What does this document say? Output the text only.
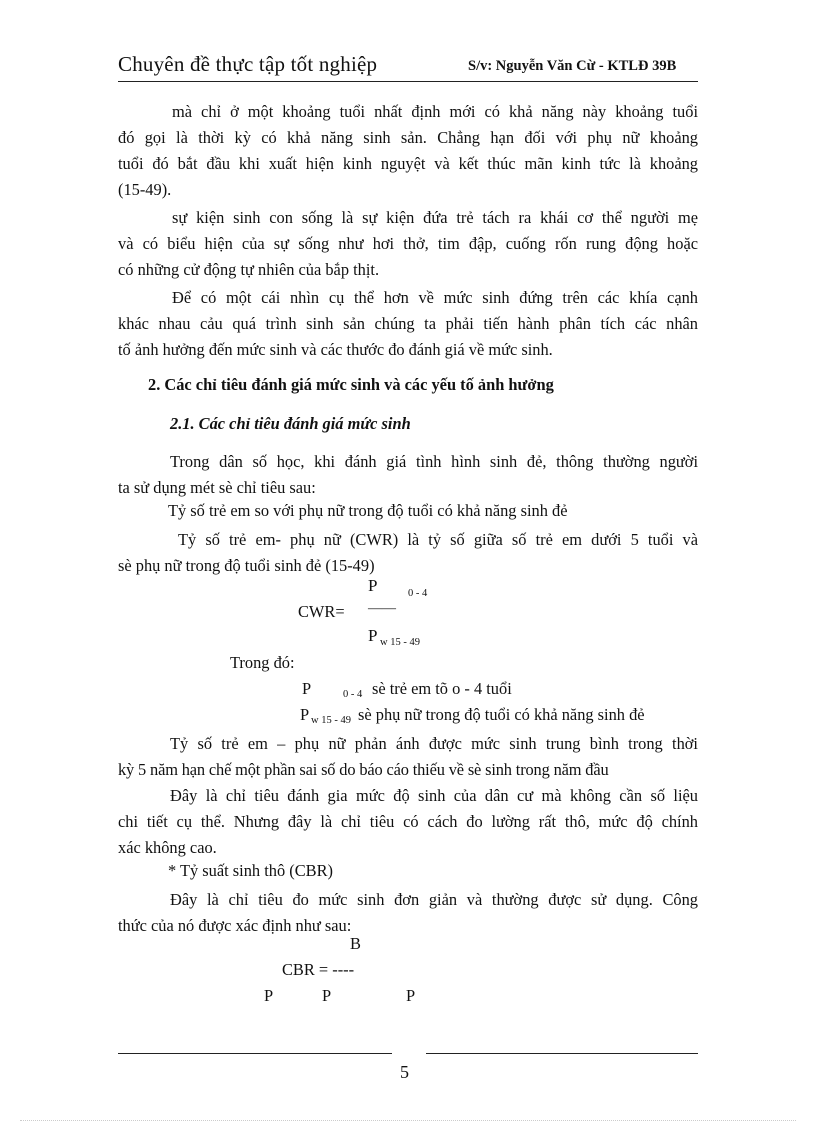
Chuyên đề thực tập tốt nghiệp	S/v: Nguyễn Văn Cừ - KTLĐ 39B
mà chỉ ở một khoảng tuổi nhất định mới có khả năng này khoảng tuổi
đó gọi là thời kỳ có khả năng sinh sản. Chẳng hạn đối với phụ nữ khoảng
tuổi đó bắt đầu khi xuất hiện kinh nguyệt và kết thúc mãn kinh tức là khoảng
(15-49).
sự kiện sinh con sống là sự kiện đứa trẻ tách ra khái cơ thể người mẹ
và có biểu hiện của sự sống như hơi thở, tim đập, cuống rốn rung động hoặc
có những cử động tự nhiên của bắp thịt.
Để có một cái nhìn cụ thể hơn về mức sinh đứng trên các khía cạnh
khác nhau cảu quá trình sinh sản chúng ta phải tiến hành phân tích các nhân
tố ảnh hưởng đến mức sinh và các thước đo đánh giá về mức sinh.
2. Các chỉ tiêu đánh giá mức sinh và các yếu tố ảnh hưởng
2.1. Các chỉ tiêu đánh giá mức sinh
Trong dân số học, khi đánh giá tình hình sinh đẻ, thông thường người
ta sử dụng mét sè chỉ tiêu sau:
Tỷ số trẻ em so với phụ nữ trong độ tuổi có khả năng sinh đẻ
Tỷ số trẻ em- phụ nữ (CWR) là tỷ số giữa số trẻ em dưới 5 tuổi và
sè phụ nữ trong độ tuổi sinh đẻ (15-49)
P	0 - 4
CWR= ——
P w 15 - 49
Trong đó:
P	0 - 4 sè trẻ em tõ o - 4 tuổi
P w 15 - 49 sè phụ nữ trong độ tuổi có khả năng sinh đẻ
Tỷ số trẻ em – phụ nữ phản ánh được mức sinh trung bình trong thời
kỳ 5 năm hạn chế một phần sai số do báo cáo thiếu về sè sinh trong năm đầu
Đây là chỉ tiêu đánh gia mức độ sinh của dân cư mà không cần số liệu
chi tiết cụ thể. Nhưng đây là chỉ tiêu có cách đo lường rất thô, mức độ chính
xác không cao.
* Tỷ suất sinh thô (CBR)
Đây là chỉ tiêu đo mức sinh đơn giản và thường được sử dụng. Công
thức của nó được xác định như sau:
B
CBR = ----
P	P	P
5
